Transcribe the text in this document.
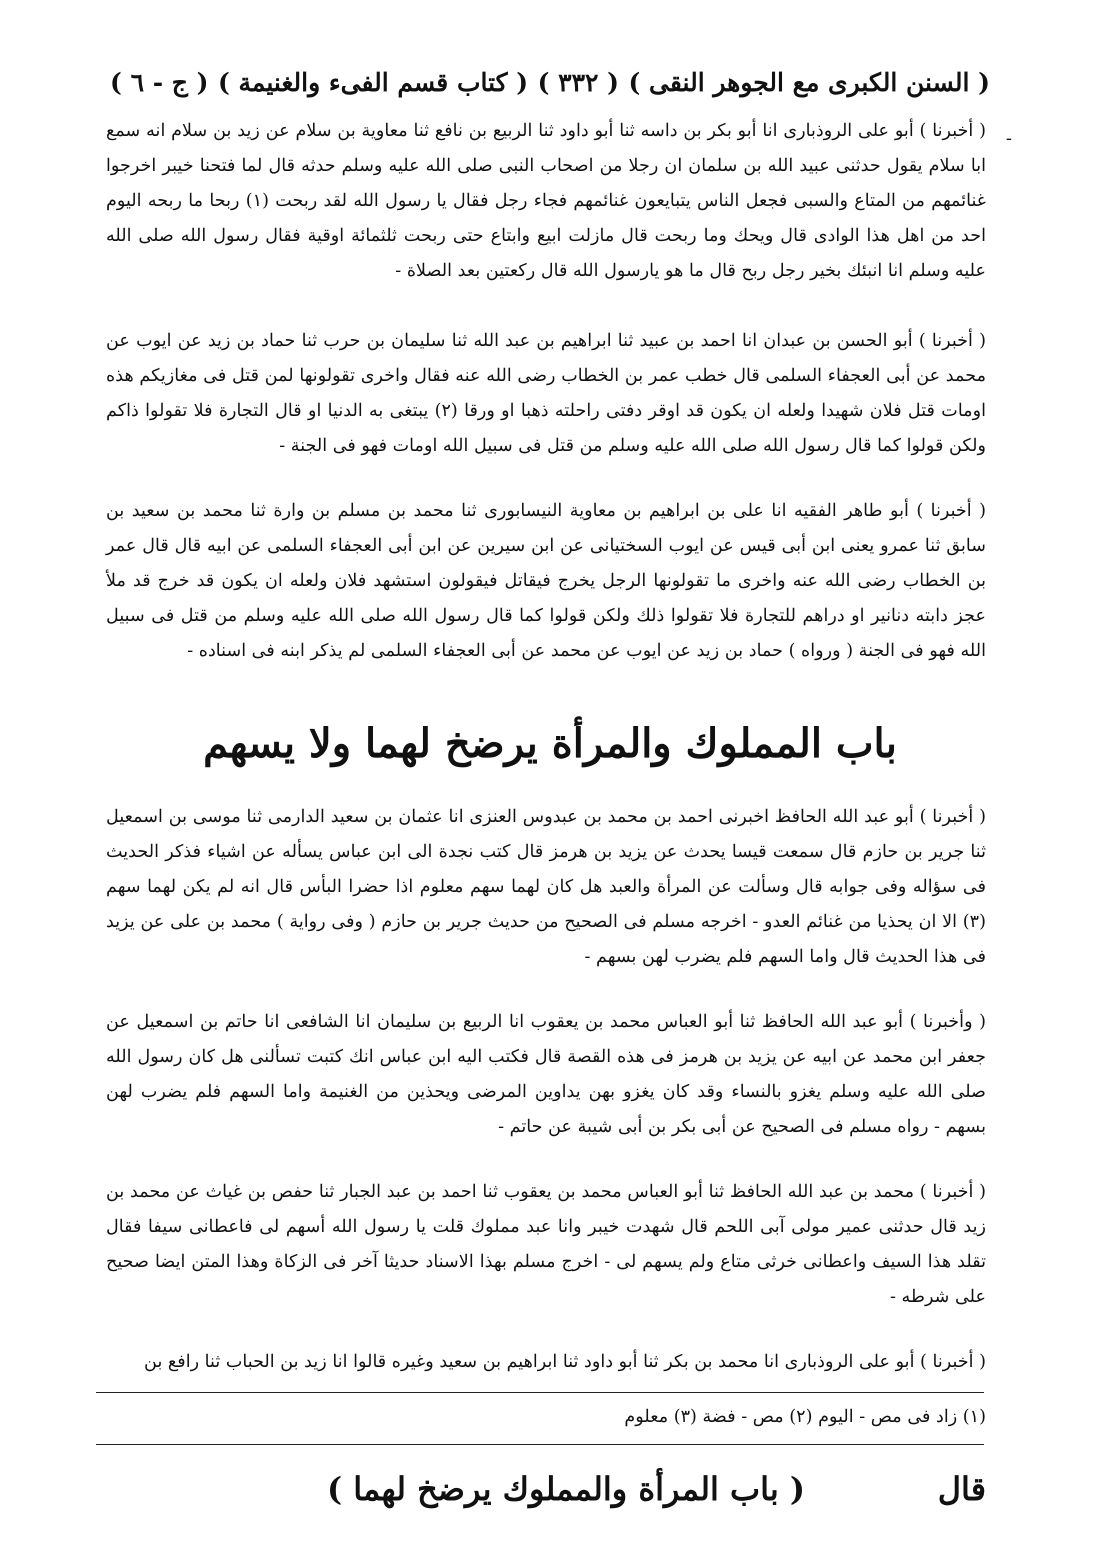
( السنن الكبرى مع الجوهر النقى )
( ٣٣٢ )
( كتاب قسم الفىء والغنيمة )
( ج - ٦ )
-

( أخبرنا ) أبو على الروذبارى انا أبو بكر بن داسه ثنا أبو داود ثنا الربيع بن نافع ثنا معاوية بن سلام عن زيد بن سلام انه سمع ابا سلام يقول حدثنى عبيد الله بن سلمان ان رجلا من اصحاب النبى صلى الله عليه وسلم حدثه قال لما فتحنا خيبر اخرجوا غنائمهم من المتاع والسبى فجعل الناس يتبايعون غنائمهم فجاء رجل فقال يا رسول الله لقد ربحت (١) ربحا ما ربحه اليوم احد من اهل هذا الوادى قال ويحك وما ربحت قال مازلت ابيع وابتاع حتى ربحت ثلثمائة اوقية فقال رسول الله صلى الله عليه وسلم انا انبئك بخير رجل ربح قال ما هو يارسول الله قال ركعتين بعد الصلاة -

( أخبرنا ) أبو الحسن بن عبدان انا احمد بن عبيد ثنا ابراهيم بن عبد الله ثنا سليمان بن حرب ثنا حماد بن زيد عن ايوب عن محمد عن أبى العجفاء السلمى قال خطب عمر بن الخطاب رضى الله عنه فقال واخرى تقولونها لمن قتل فى مغازيكم هذه اومات قتل فلان شهيدا ولعله ان يكون قد اوقر دفتى راحلته ذهبا او ورقا (٢) يبتغى به الدنيا او قال التجارة فلا تقولوا ذاكم ولكن قولوا كما قال رسول الله صلى الله عليه وسلم من قتل فى سبيل الله اومات فهو فى الجنة -

( أخبرنا ) أبو طاهر الفقيه انا على بن ابراهيم بن معاوية النيسابورى ثنا محمد بن مسلم بن وارة ثنا محمد بن سعيد بن سابق ثنا عمرو يعنى ابن أبى قيس عن ايوب السختيانى عن ابن سيرين عن ابن أبى العجفاء السلمى عن ابيه قال قال عمر بن الخطاب رضى الله عنه واخرى ما تقولونها الرجل يخرج فيقاتل فيقولون استشهد فلان ولعله ان يكون قد خرج قد ملأ عجز دابته دنانير او دراهم للتجارة فلا تقولوا ذلك ولكن قولوا كما قال رسول الله صلى الله عليه وسلم من قتل فى سبيل الله فهو فى الجنة ( ورواه ) حماد بن زيد عن ايوب عن محمد عن أبى العجفاء السلمى لم يذكر ابنه فى اسناده -

باب المملوك والمرأة يرضخ لهما ولا يسهم

( أخبرنا ) أبو عبد الله الحافظ اخبرنى احمد بن محمد بن عبدوس العنزى انا عثمان بن سعيد الدارمى ثنا موسى بن اسمعيل ثنا جرير بن حازم قال سمعت قيسا يحدث عن يزيد بن هرمز قال كتب نجدة الى ابن عباس يسأله عن اشياء فذكر الحديث فى سؤاله وفى جوابه قال وسألت عن المرأة والعبد هل كان لهما سهم معلوم اذا حضرا البأس قال انه لم يكن لهما سهم (٣) الا ان يحذيا من غنائم العدو - اخرجه مسلم فى الصحيح من حديث جرير بن حازم ( وفى رواية ) محمد بن على عن يزيد فى هذا الحديث قال واما السهم فلم يضرب لهن بسهم -

( وأخبرنا ) أبو عبد الله الحافظ ثنا أبو العباس محمد بن يعقوب انا الربيع بن سليمان انا الشافعى انا حاتم بن اسمعيل عن جعفر ابن محمد عن ابيه عن يزيد بن هرمز فى هذه القصة قال فكتب اليه ابن عباس انك كتبت تسألنى هل كان رسول الله صلى الله عليه وسلم يغزو بالنساء وقد كان يغزو بهن يداوين المرضى ويحذين من الغنيمة واما السهم فلم يضرب لهن بسهم - رواه مسلم فى الصحيح عن أبى بكر بن أبى شيبة عن حاتم -

( أخبرنا ) محمد بن عبد الله الحافظ ثنا أبو العباس محمد بن يعقوب ثنا احمد بن عبد الجبار ثنا حفص بن غياث عن محمد بن زيد قال حدثنى عمير مولى آبى اللحم قال شهدت خيبر وانا عبد مملوك قلت يا رسول الله أسهم لى فاعطانى سيفا فقال تقلد هذا السيف واعطانى خرثى متاع ولم يسهم لى - اخرج مسلم بهذا الاسناد حديثا آخر فى الزكاة وهذا المتن ايضا صحيح على شرطه -

( أخبرنا ) أبو على الروذبارى انا محمد بن بكر ثنا أبو داود ثنا ابراهيم بن سعيد وغيره قالوا انا زيد بن الحباب ثنا رافع بن

(١) زاد فى مص - اليوم (٢) مص - فضة (٣) معلوم
قال
( باب المرأة والمملوك يرضخ لهما )
